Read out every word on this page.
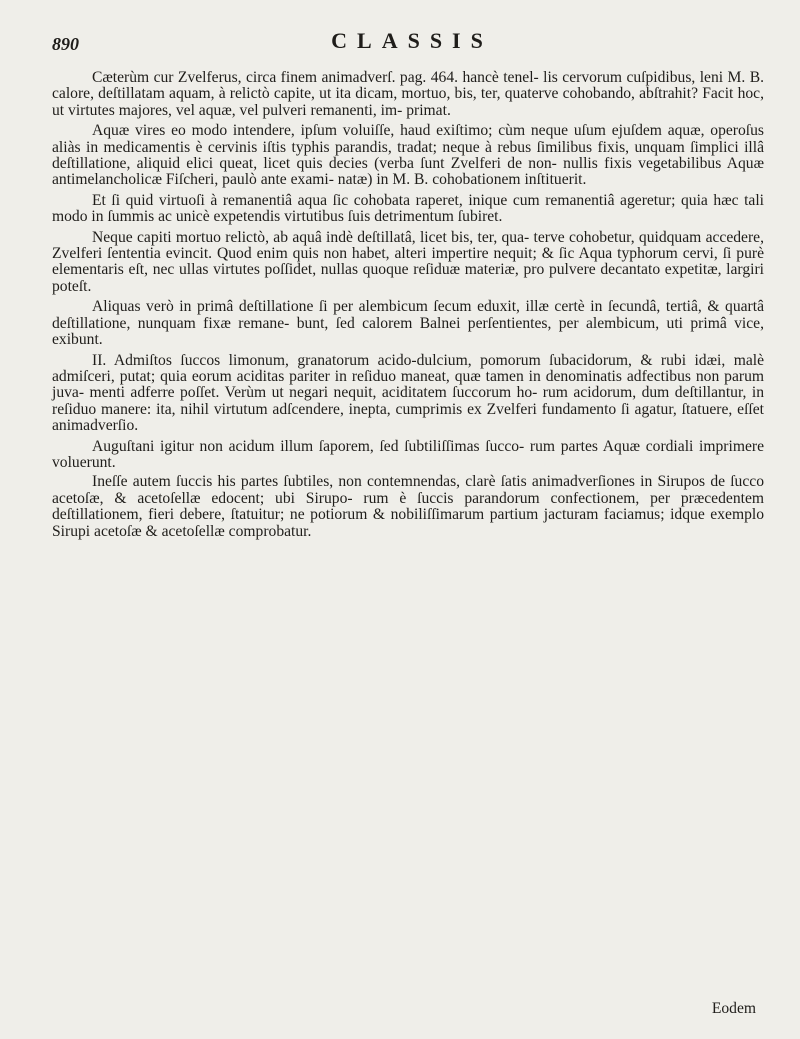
890	CLASSIS

Cæterùm cur Zvelferus, circa finem animadverſ. pag. 464. hancè tenel- lis cervorum cuſpidibus, leni M. B. calore, deſtillatam aquam, à relictò capite, ut ita dicam, mortuo, bis, ter, quaterve cohobando, abſtrahit? Facit hoc, ut virtutes majores, vel aquæ, vel pulveri remanenti, im- primat.

Aquæ vires eo modo intendere, ipſum voluiſſe, haud exiſtimo; cùm neque uſum ejuſdem aquæ, operoſus aliàs in medicamentis è cervinis iſtis typhis parandis, tradat; neque à rebus ſimilibus fixis, unquam ſimplici illâ deſtillatione, aliquid elici queat, licet quis decies (verba ſunt Zvelferi de non- nullis fixis vegetabilibus Aquæ antimelancholicæ Fiſcheri, paulò ante exami- natæ) in M. B. cohobationem inſtituerit.

Et ſi quid virtuoſi à remanentiâ aqua ſic cohobata raperet, inique cum remanentiâ ageretur; quia hæc tali modo in ſummis ac unicè expetendis virtutibus ſuis detrimentum ſubiret.

Neque capiti mortuo relictò, ab aquâ indè deſtillatâ, licet bis, ter, qua- terve cohobetur, quidquam accedere, Zvelferi ſententia evincit. Quod enim quis non habet, alteri impertire nequit; & ſic Aqua typhorum cervi, ſi purè elementaris eſt, nec ullas virtutes poſſidet, nullas quoque reſiduæ materiæ, pro pulvere decantato expetitæ, largiri poteſt.

Aliquas verò in primâ deſtillatione ſi per alembicum ſecum eduxit, illæ certè in ſecundâ, tertiâ, & quartâ deſtillatione, nunquam fixæ remane- bunt, ſed calorem Balnei perſentientes, per alembicum, uti primâ vice, exibunt.

II. Admiſtos ſuccos limonum, granatorum acido-dulcium, pomorum ſubacidorum, & rubi idæi, malè admiſceri, putat; quia eorum aciditas pariter in reſiduo maneat, quæ tamen in denominatis adfectibus non parum juva- menti adferre poſſet. Verùm ut negari nequit, aciditatem ſuccorum ho- rum acidorum, dum deſtillantur, in reſiduo manere: ita, nihil virtutum adſcendere, inepta, cumprimis ex Zvelferi fundamento ſi agatur, ſtatuere, eſſet animadverſio.

Auguſtani igitur non acidum illum ſaporem, ſed ſubtiliſſimas ſucco- rum partes Aquæ cordiali imprimere voluerunt.

Ineſſe autem ſuccis his partes ſubtiles, non contemnendas, clarè ſatis animadverſiones in Sirupos de ſucco acetoſæ, & acetoſellæ edocent; ubi Sirupo- rum è ſuccis parandorum confectionem, per præcedentem deſtillationem, fieri debere, ſtatuitur; ne potiorum & nobiliſſimarum partium jacturam faciamus; idque exemplo Sirupi acetoſæ & acetoſellæ comprobatur.

Eodem
